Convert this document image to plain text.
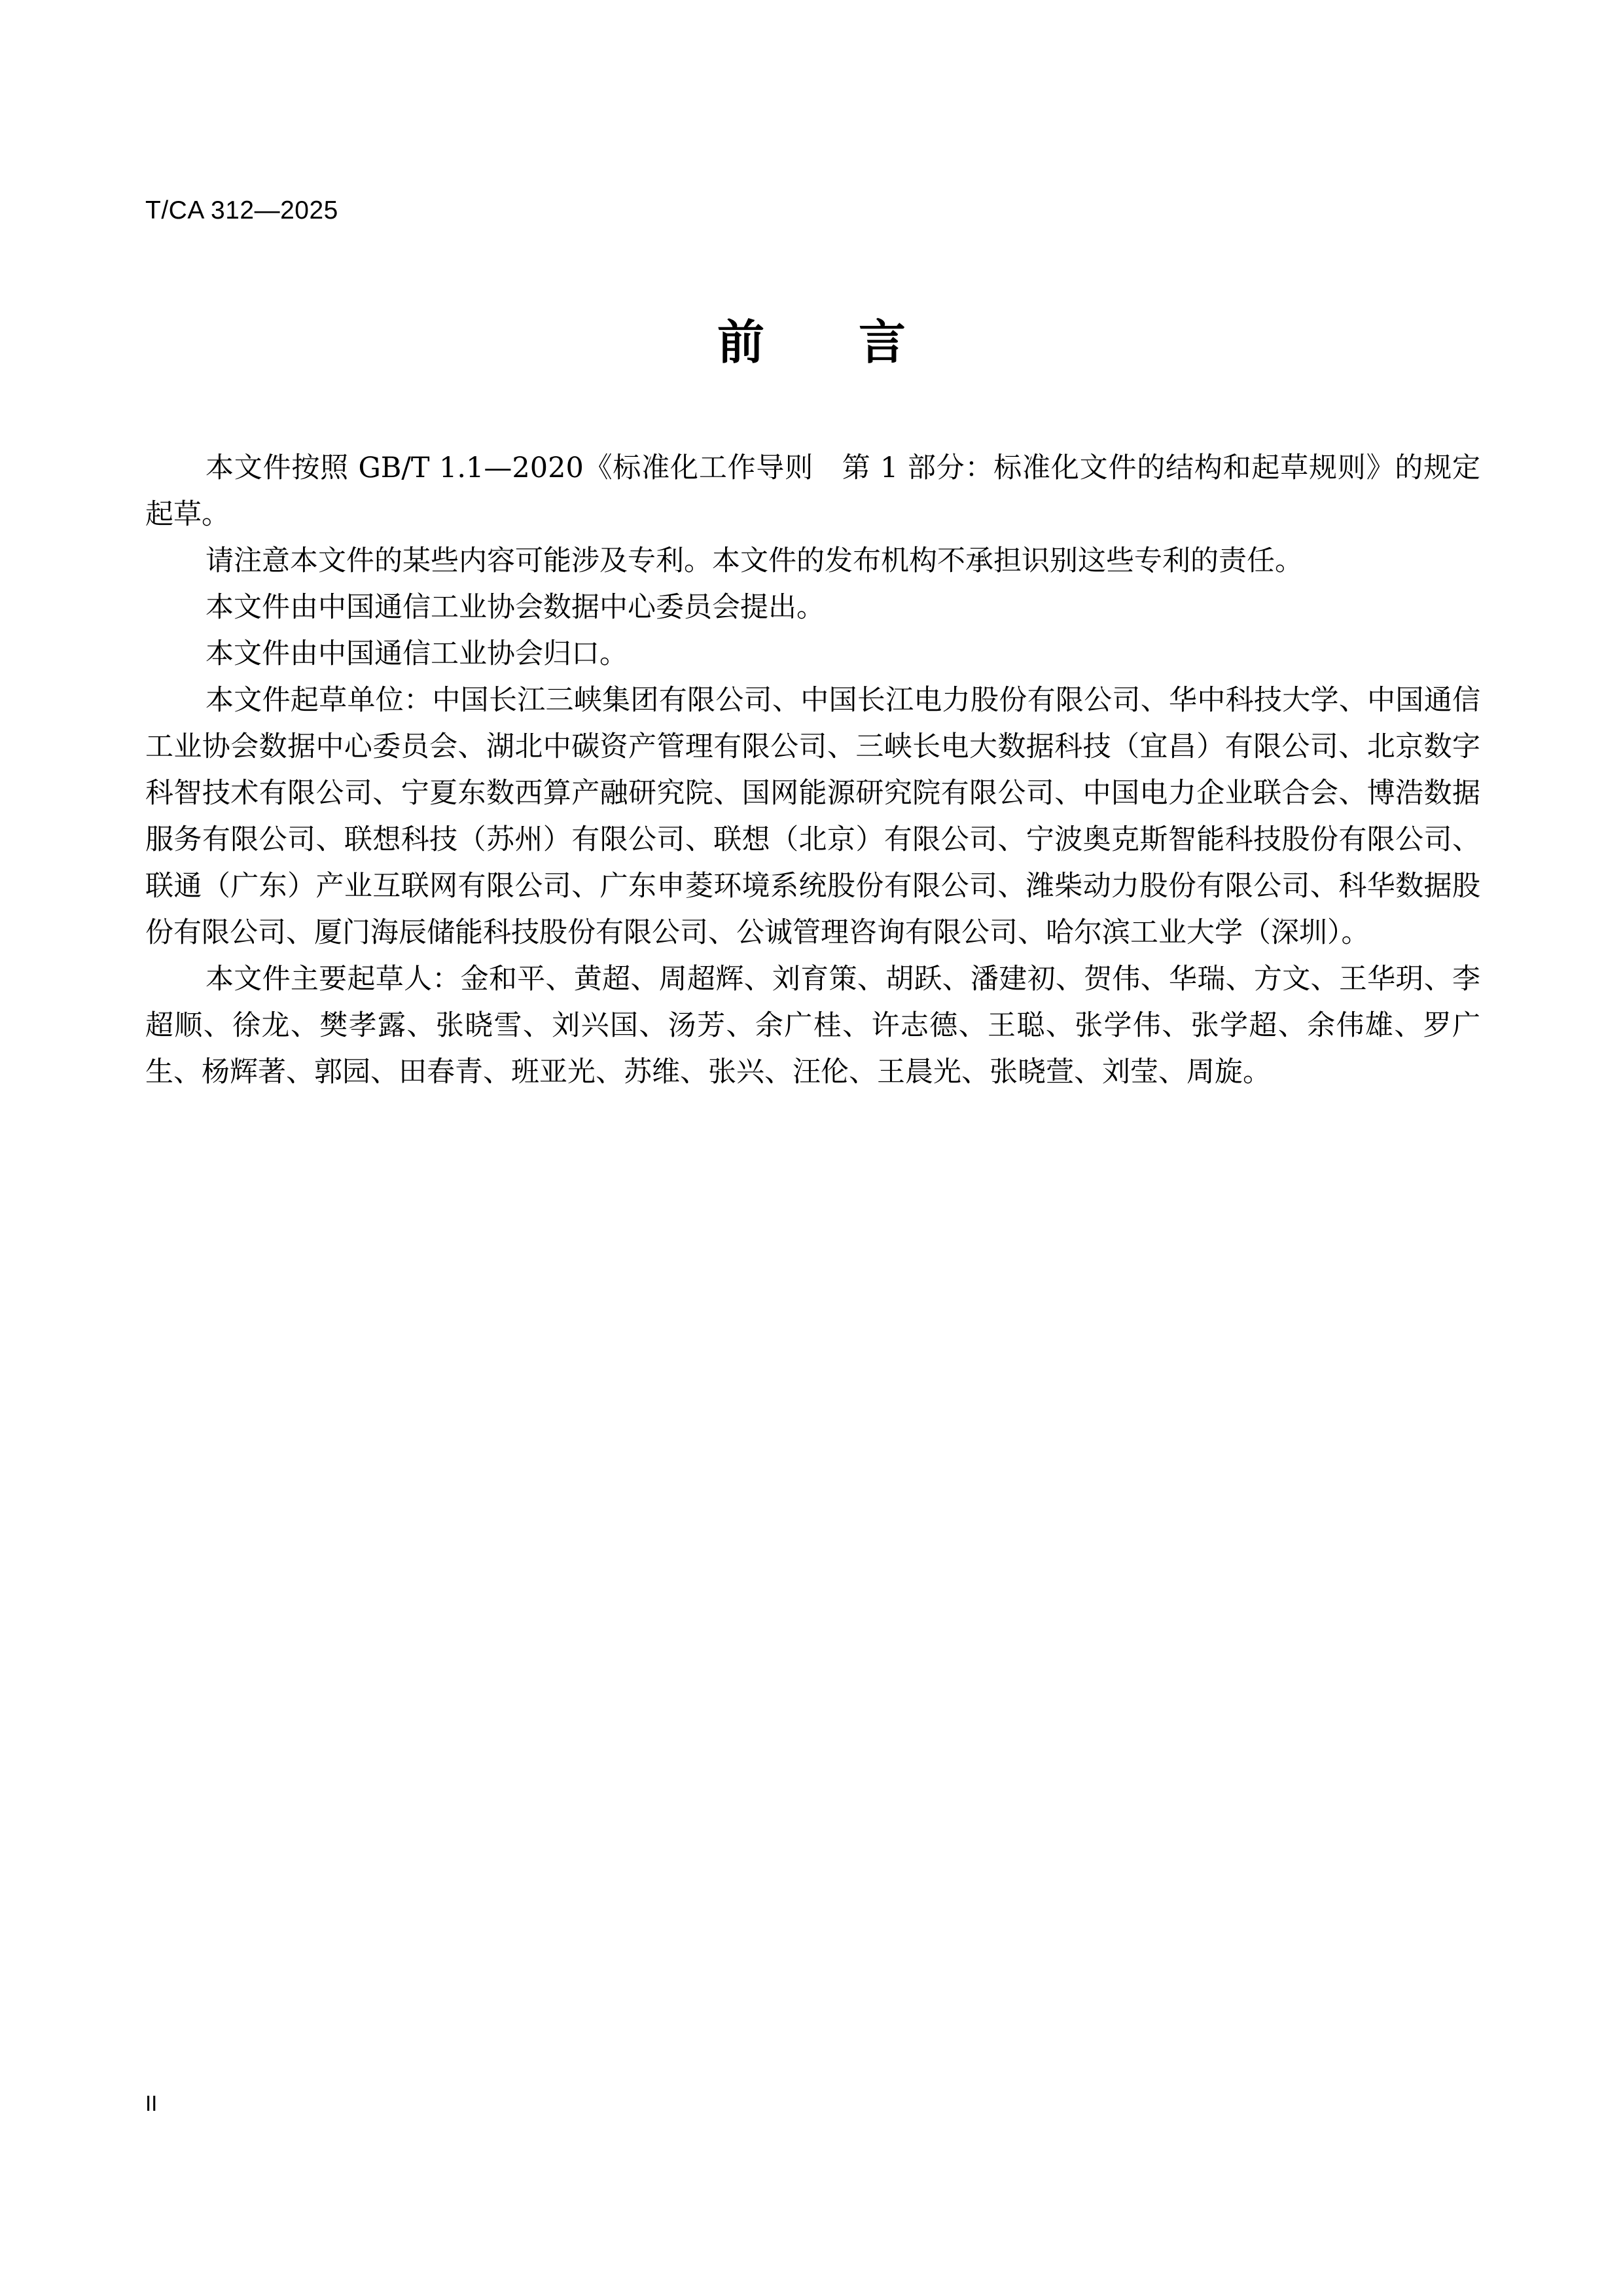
T/CA 312—2025
前　　言

本文件按照 GB/T 1.1—2020《标准化工作导则　第 1 部分：标准化文件的结构和起草规则》的规定起草。

请注意本文件的某些内容可能涉及专利。本文件的发布机构不承担识别这些专利的责任。

本文件由中国通信工业协会数据中心委员会提出。

本文件由中国通信工业协会归口。

本文件起草单位：中国长江三峡集团有限公司、中国长江电力股份有限公司、华中科技大学、中国通信工业协会数据中心委员会、湖北中碳资产管理有限公司、三峡长电大数据科技（宜昌）有限公司、北京数字科智技术有限公司、宁夏东数西算产融研究院、国网能源研究院有限公司、中国电力企业联合会、博浩数据服务有限公司、联想科技（苏州）有限公司、联想（北京）有限公司、宁波奥克斯智能科技股份有限公司、联通（广东）产业互联网有限公司、广东申菱环境系统股份有限公司、潍柴动力股份有限公司、科华数据股份有限公司、厦门海辰储能科技股份有限公司、公诚管理咨询有限公司、哈尔滨工业大学（深圳）。

本文件主要起草人：金和平、黄超、周超辉、刘育策、胡跃、潘建初、贺伟、华瑞、方文、王华玥、李超顺、徐龙、樊孝露、张晓雪、刘兴国、汤芳、余广桂、许志德、王聪、张学伟、张学超、余伟雄、罗广生、杨辉著、郭园、田春青、班亚光、苏维、张兴、汪伦、王晨光、张晓萱、刘莹、周旋。

II
